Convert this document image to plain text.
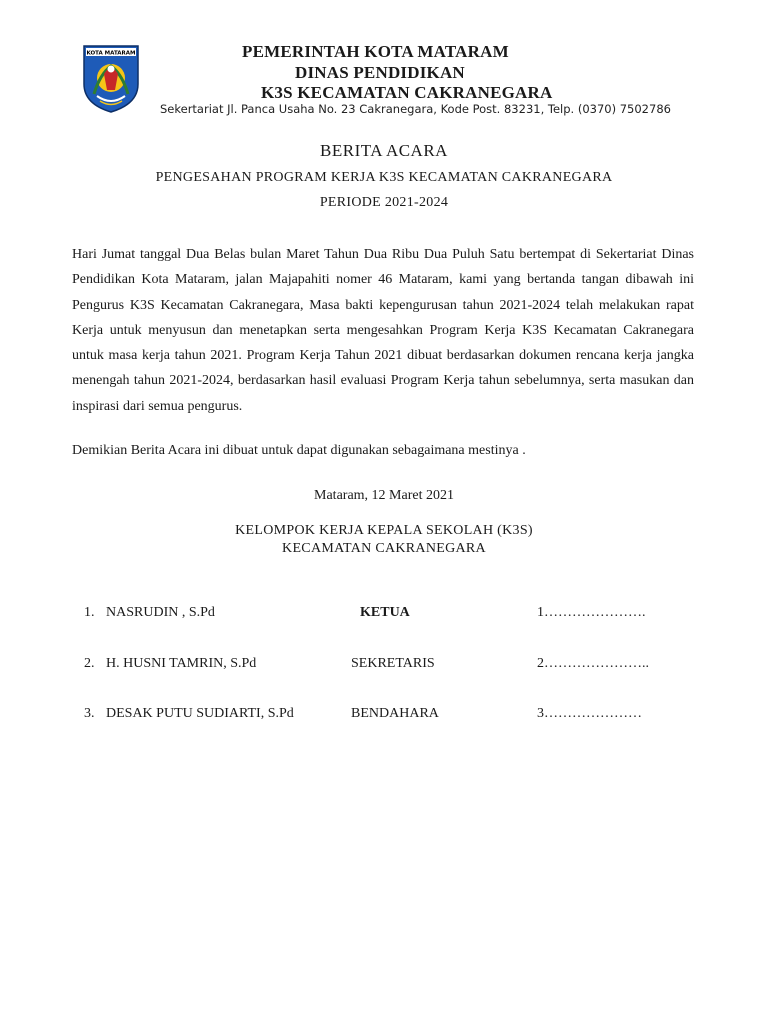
KOTA MATARAM	PEMERINTAH KOTA MATARAM
DINAS PENDIDIKAN
K3S KECAMATAN CAKRANEGARA
Sekertariat Jl. Panca Usaha No. 23 Cakranegara, Kode Post. 83231, Telp. (0370) 7502786
BERITA ACARA
PENGESAHAN PROGRAM KERJA K3S KECAMATAN CAKRANEGARA
PERIODE 2021-2024
Hari Jumat tanggal Dua Belas bulan Maret Tahun Dua Ribu Dua Puluh Satu bertempat di Sekertariat Dinas Pendidikan Kota Mataram, jalan Majapahiti nomer 46 Mataram, kami yang bertanda tangan dibawah ini Pengurus K3S Kecamatan Cakranegara, Masa bakti kepengurusan tahun 2021-2024 telah melakukan rapat Kerja untuk menyusun dan menetapkan serta mengesahkan Program Kerja K3S Kecamatan Cakranegara untuk masa kerja tahun 2021. Program Kerja Tahun 2021 dibuat berdasarkan dokumen rencana kerja jangka menengah tahun 2021-2024, berdasarkan hasil evaluasi Program Kerja tahun sebelumnya, serta masukan dan inspirasi dari semua pengurus.
Demikian Berita Acara ini dibuat untuk dapat digunakan sebagaimana mestinya .
Mataram, 12 Maret 2021
KELOMPOK KERJA KEPALA SEKOLAH (K3S)
KECAMATAN CAKRANEGARA
1. NASRUDIN , S.Pd	KETUA	1………………….
2. H. HUSNI TAMRIN, S.Pd	SEKRETARIS	2…………………..
3. DESAK PUTU SUDIARTI, S.Pd	BENDAHARA	3…………………
